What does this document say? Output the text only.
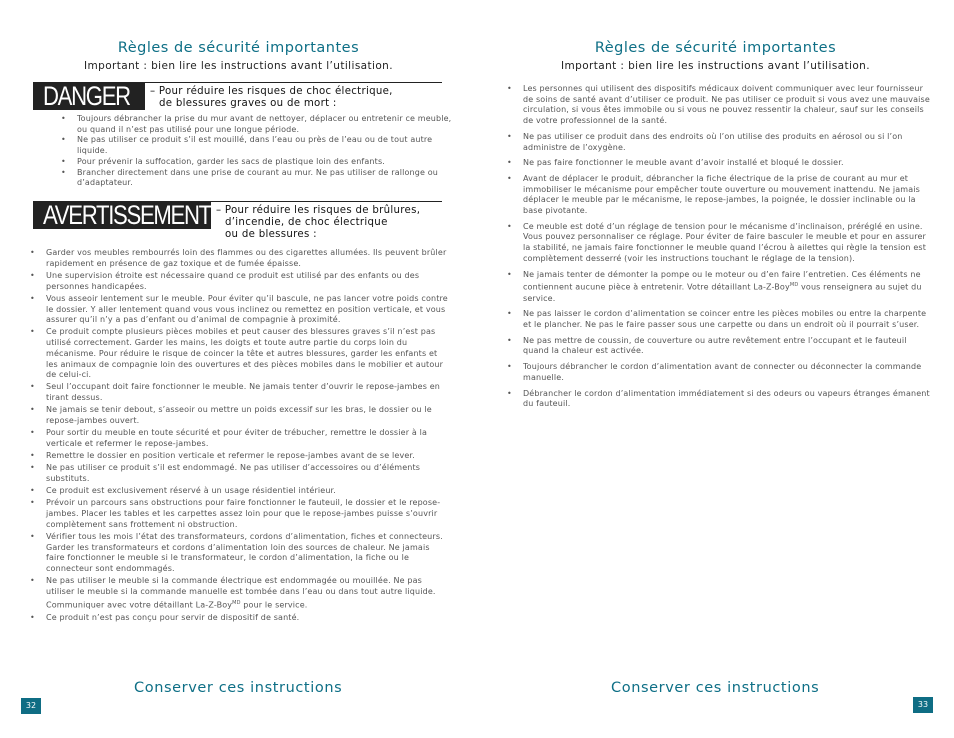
Règles de sécurité importantes
Important : bien lire les instructions avant l’utilisation.
DANGER – Pour réduire les risques de choc électrique,
de blessures graves ou de mort :
• Toujours débrancher la prise du mur avant de nettoyer, déplacer ou entretenir ce meuble, ou quand il n’est pas utilisé pour une longue période.
• Ne pas utiliser ce produit s’il est mouillé, dans l’eau ou près de l’eau ou de tout autre liquide.
• Pour prévenir la suffocation, garder les sacs de plastique loin des enfants.
• Brancher directement dans une prise de courant au mur. Ne pas utiliser de rallonge ou d’adaptateur.
AVERTISSEMENT – Pour réduire les risques de brûlures,
d’incendie, de choc électrique
ou de blessures :
• Garder vos meubles rembourrés loin des flammes ou des cigarettes allumées. Ils peuvent brûler rapidement en présence de gaz toxique et de fumée épaisse.
• Une supervision étroite est nécessaire quand ce produit est utilisé par des enfants ou des personnes handicapées.
• Vous asseoir lentement sur le meuble. Pour éviter qu’il bascule, ne pas lancer votre poids contre le dossier. Y aller lentement quand vous vous inclinez ou remettez en position verticale, et vous assurer qu’il n’y a pas d’enfant ou d’animal de compagnie à proximité.
• Ce produit compte plusieurs pièces mobiles et peut causer des blessures graves s’il n’est pas utilisé correctement. Garder les mains, les doigts et toute autre partie du corps loin du mécanisme. Pour réduire le risque de coincer la tête et autres blessures, garder les enfants et les animaux de compagnie loin des ouvertures et des pièces mobiles dans le mobilier et autour de celui-ci.
• Seul l’occupant doit faire fonctionner le meuble. Ne jamais tenter d’ouvrir le repose-jambes en tirant dessus.
• Ne jamais se tenir debout, s’asseoir ou mettre un poids excessif sur les bras, le dossier ou le repose-jambes ouvert.
• Pour sortir du meuble en toute sécurité et pour éviter de trébucher, remettre le dossier à la verticale et refermer le repose-jambes.
• Remettre le dossier en position verticale et refermer le repose-jambes avant de se lever.
• Ne pas utiliser ce produit s’il est endommagé. Ne pas utiliser d’accessoires ou d’éléments substituts.
• Ce produit est exclusivement réservé à un usage résidentiel intérieur.
• Prévoir un parcours sans obstructions pour faire fonctionner le fauteuil, le dossier et le repose-jambes. Placer les tables et les carpettes assez loin pour que le repose-jambes puisse s’ouvrir complètement sans frottement ni obstruction.
• Vérifier tous les mois l’état des transformateurs, cordons d’alimentation, fiches et connecteurs. Garder les transformateurs et cordons d’alimentation loin des sources de chaleur. Ne jamais faire fonctionner le meuble si le transformateur, le cordon d’alimentation, la fiche ou le connecteur sont endommagés.
• Ne pas utiliser le meuble si la commande électrique est endommagée ou mouillée. Ne pas utiliser le meuble si la commande manuelle est tombée dans l’eau ou dans tout autre liquide. Communiquer avec votre détaillant La-Z-Boy$^{MD}$ pour le service.
• Ce produit n’est pas conçu pour servir de dispositif de santé.
Conserver ces instructions
32
Règles de sécurité importantes
Important : bien lire les instructions avant l’utilisation.
• Les personnes qui utilisent des dispositifs médicaux doivent communiquer avec leur fournisseur de soins de santé avant d’utiliser ce produit. Ne pas utiliser ce produit si vous avez une mauvaise circulation, si vous êtes immobile ou si vous ne pouvez ressentir la chaleur, sauf sur les conseils de votre professionnel de la santé.
• Ne pas utiliser ce produit dans des endroits où l’on utilise des produits en aérosol ou si l’on administre de l’oxygène.
• Ne pas faire fonctionner le meuble avant d’avoir installé et bloqué le dossier.
• Avant de déplacer le produit, débrancher la fiche électrique de la prise de courant au mur et immobiliser le mécanisme pour empêcher toute ouverture ou mouvement inattendu. Ne jamais déplacer le meuble par le mécanisme, le repose-jambes, la poignée, le dossier inclinable ou la base pivotante.
• Ce meuble est doté d’un réglage de tension pour le mécanisme d’inclinaison, préréglé en usine. Vous pouvez personnaliser ce réglage. Pour éviter de faire basculer le meuble et pour en assurer la stabilité, ne jamais faire fonctionner le meuble quand l’écrou à ailettes qui règle la tension est complètement desserré (voir les instructions touchant le réglage de la tension).
• Ne jamais tenter de démonter la pompe ou le moteur ou d’en faire l’entretien. Ces éléments ne contiennent aucune pièce à entretenir. Votre détaillant La-Z-Boy$^{MD}$ vous renseignera au sujet du service.
• Ne pas laisser le cordon d’alimentation se coincer entre les pièces mobiles ou entre la charpente et le plancher. Ne pas le faire passer sous une carpette ou dans un endroit où il pourrait s’user.
• Ne pas mettre de coussin, de couverture ou autre revêtement entre l’occupant et le fauteuil quand la chaleur est activée.
• Toujours débrancher le cordon d’alimentation avant de connecter ou déconnecter la commande manuelle.
• Débrancher le cordon d’alimentation immédiatement si des odeurs ou vapeurs étranges émanent du fauteuil.
Conserver ces instructions
33
